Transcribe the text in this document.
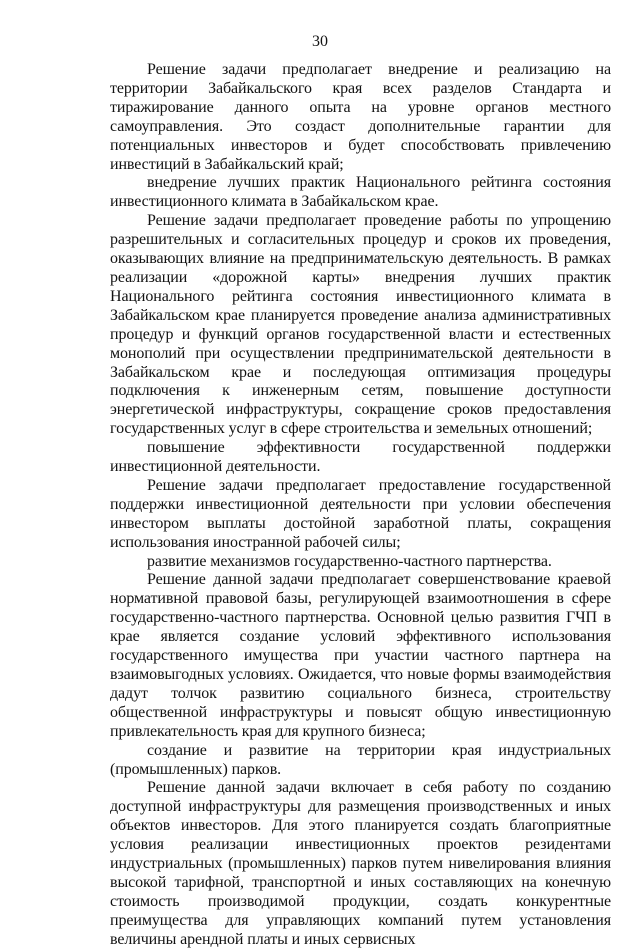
30

Решение задачи предполагает внедрение и реализацию на территории Забайкальского края всех разделов Стандарта и тиражирование данного опыта на уровне органов местного самоуправления. Это создаст дополнительные гарантии для потенциальных инвесторов и будет способствовать привлечению инвестиций в Забайкальский край;

внедрение лучших практик Национального рейтинга состояния инвестиционного климата в Забайкальском крае.

Решение задачи предполагает проведение работы по упрощению разрешительных и согласительных процедур и сроков их проведения, оказывающих влияние на предпринимательскую деятельность. В рамках реализации «дорожной карты» внедрения лучших практик Национального рейтинга состояния инвестиционного климата в Забайкальском крае планируется проведение анализа административных процедур и функций органов государственной власти и естественных монополий при осуществлении предпринимательской деятельности в Забайкальском крае и последующая оптимизация процедуры подключения к инженерным сетям, повышение доступности энергетической инфраструктуры, сокращение сроков предоставления государственных услуг в сфере строительства и земельных отношений;

повышение эффективности государственной поддержки инвестиционной деятельности.

Решение задачи предполагает предоставление государственной поддержки инвестиционной деятельности при условии обеспечения инвестором выплаты достойной заработной платы, сокращения использования иностранной рабочей силы;

развитие механизмов государственно-частного партнерства.

Решение данной задачи предполагает совершенствование краевой нормативной правовой базы, регулирующей взаимоотношения в сфере государственно-частного партнерства. Основной целью развития ГЧП в крае является создание условий эффективного использования государственного имущества при участии частного партнера на взаимовыгодных условиях. Ожидается, что новые формы взаимодействия дадут толчок развитию социального бизнеса, строительству общественной инфраструктуры и повысят общую инвестиционную привлекательность края для крупного бизнеса;

создание и развитие на территории края индустриальных (промышленных) парков.

Решение данной задачи включает в себя работу по созданию доступной инфраструктуры для размещения производственных и иных объектов инвесторов. Для этого планируется создать благоприятные условия реализации инвестиционных проектов резидентами индустриальных (промышленных) парков путем нивелирования влияния высокой тарифной, транспортной и иных составляющих на конечную стоимость производимой продукции, создать конкурентные преимущества для управляющих компаний путем установления величины арендной платы и иных сервисных
